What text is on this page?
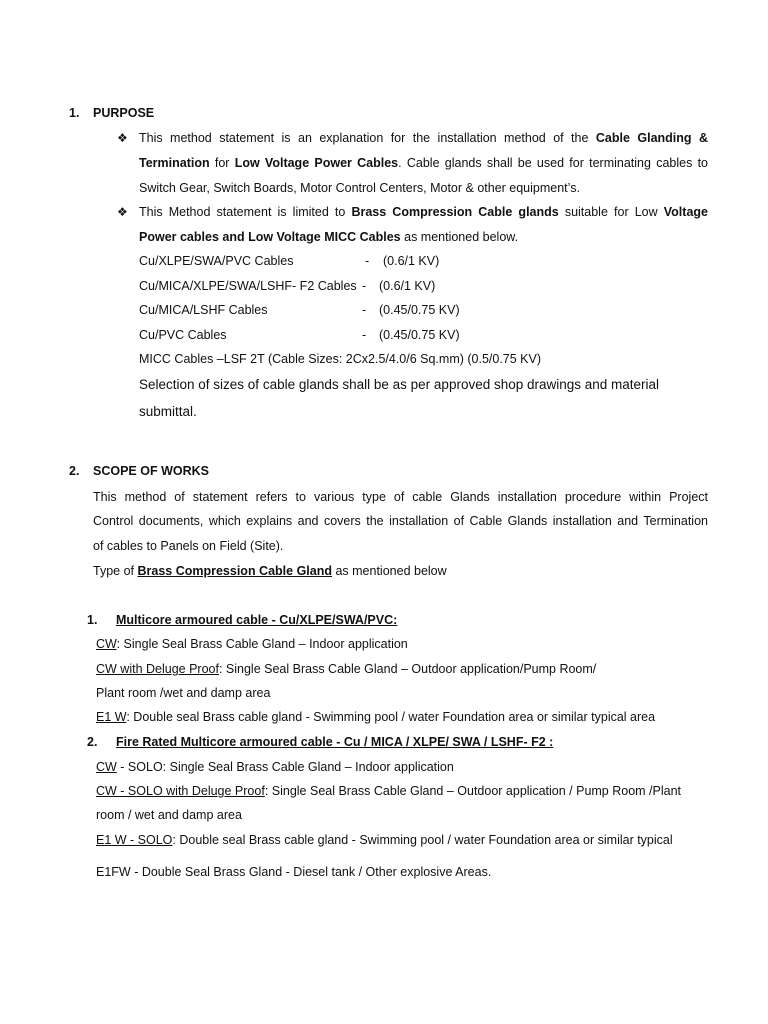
1. PURPOSE
❖ This method statement is an explanation for the installation method of the Cable Glanding &
Termination for Low Voltage Power Cables. Cable glands shall be used for terminating cables to
Switch Gear, Switch Boards, Motor Control Centers, Motor & other equipment’s.
❖ This Method statement is limited to Brass Compression Cable glands suitable for Low Voltage
Power cables and Low Voltage MICC Cables as mentioned below.
Cu/XLPE/SWA/PVC Cables	- (0.6/1 KV)
Cu/MICA/XLPE/SWA/LSHF- F2 Cables - (0.6/1 KV)
Cu/MICA/LSHF Cables	- (0.45/0.75 KV)
Cu/PVC Cables	- (0.45/0.75 KV)
MICC Cables –LSF 2T (Cable Sizes: 2Cx2.5/4.0/6 Sq.mm) (0.5/0.75 KV)
Selection of sizes of cable glands shall be as per approved shop drawings and material
submittal.
2. SCOPE OF WORKS
This method of statement refers to various type of cable Glands installation procedure within Project
Control documents, which explains and covers the installation of Cable Glands installation and Termination
of cables to Panels on Field (Site).
Type of Brass Compression Cable Gland as mentioned below
1. Multicore armoured cable - Cu/XLPE/SWA/PVC:
CW: Single Seal Brass Cable Gland – Indoor application
CW with Deluge Proof: Single Seal Brass Cable Gland – Outdoor application/Pump Room/
Plant room /wet and damp area
E1 W: Double seal Brass cable gland - Swimming pool / water Foundation area or similar typical area
2. Fire Rated Multicore armoured cable - Cu / MICA / XLPE/ SWA / LSHF- F2 :
CW - SOLO: Single Seal Brass Cable Gland – Indoor application
CW - SOLO with Deluge Proof: Single Seal Brass Cable Gland – Outdoor application / Pump Room /Plant
room / wet and damp area
E1 W - SOLO: Double seal Brass cable gland - Swimming pool / water Foundation area or similar typical
E1FW - Double Seal Brass Gland - Diesel tank / Other explosive Areas.
